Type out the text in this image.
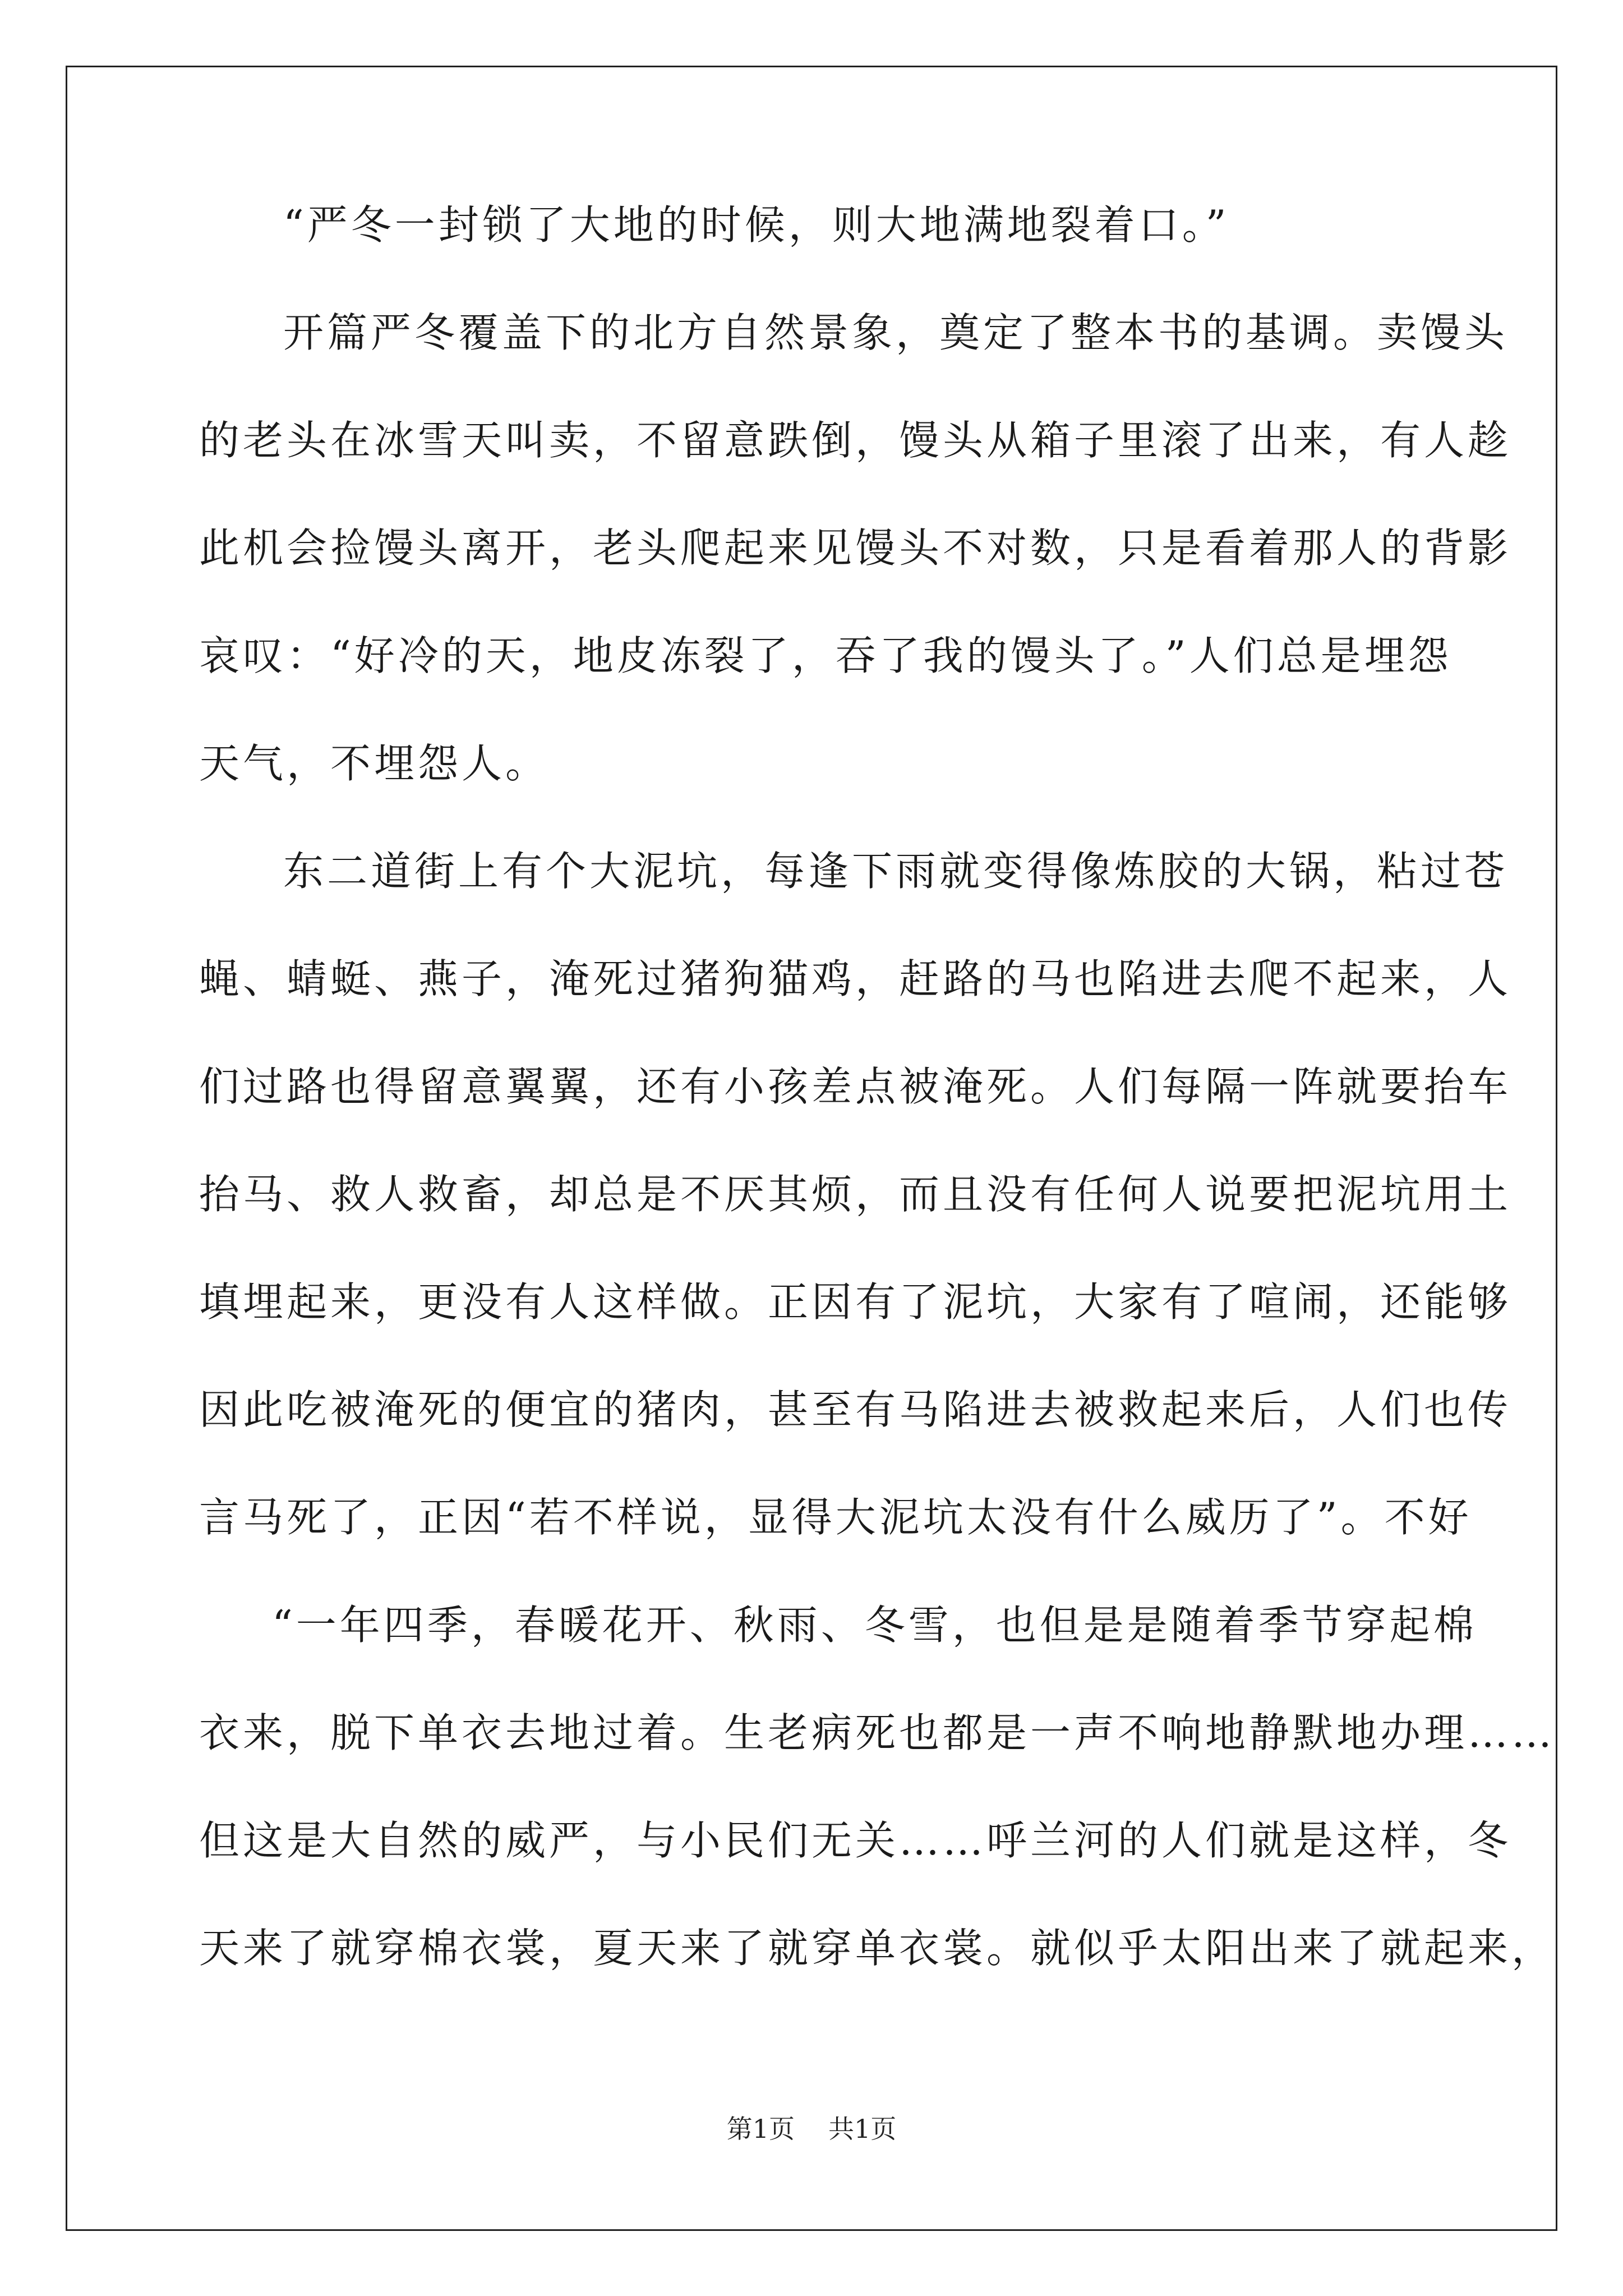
“严冬一封锁了大地的时候，则大地满地裂着口。”
开篇严冬覆盖下的北方自然景象，奠定了整本书的基调。卖馒头
的老头在冰雪天叫卖，不留意跌倒，馒头从箱子里滚了出来，有人趁
此机会捡馒头离开，老头爬起来见馒头不对数，只是看着那人的背影
哀叹：“好冷的天，地皮冻裂了，吞了我的馒头了。”人们总是埋怨
天气，不埋怨人。
东二道街上有个大泥坑，每逢下雨就变得像炼胶的大锅，粘过苍
蝇、蜻蜓、燕子，淹死过猪狗猫鸡，赶路的马也陷进去爬不起来，人
们过路也得留意翼翼，还有小孩差点被淹死。人们每隔一阵就要抬车
抬马、救人救畜，却总是不厌其烦，而且没有任何人说要把泥坑用土
填埋起来，更没有人这样做。正因有了泥坑，大家有了喧闹，还能够
因此吃被淹死的便宜的猪肉，甚至有马陷进去被救起来后，人们也传
言马死了，正因“若不样说，显得大泥坑太没有什么威历了”。不好
“一年四季，春暖花开、秋雨、冬雪，也但是是随着季节穿起棉
衣来，脱下单衣去地过着。生老病死也都是一声不响地静默地办理……
但这是大自然的威严，与小民们无关……呼兰河的人们就是这样，冬
天来了就穿棉衣裳，夏天来了就穿单衣裳。就似乎太阳出来了就起来，
第1页 共1页
